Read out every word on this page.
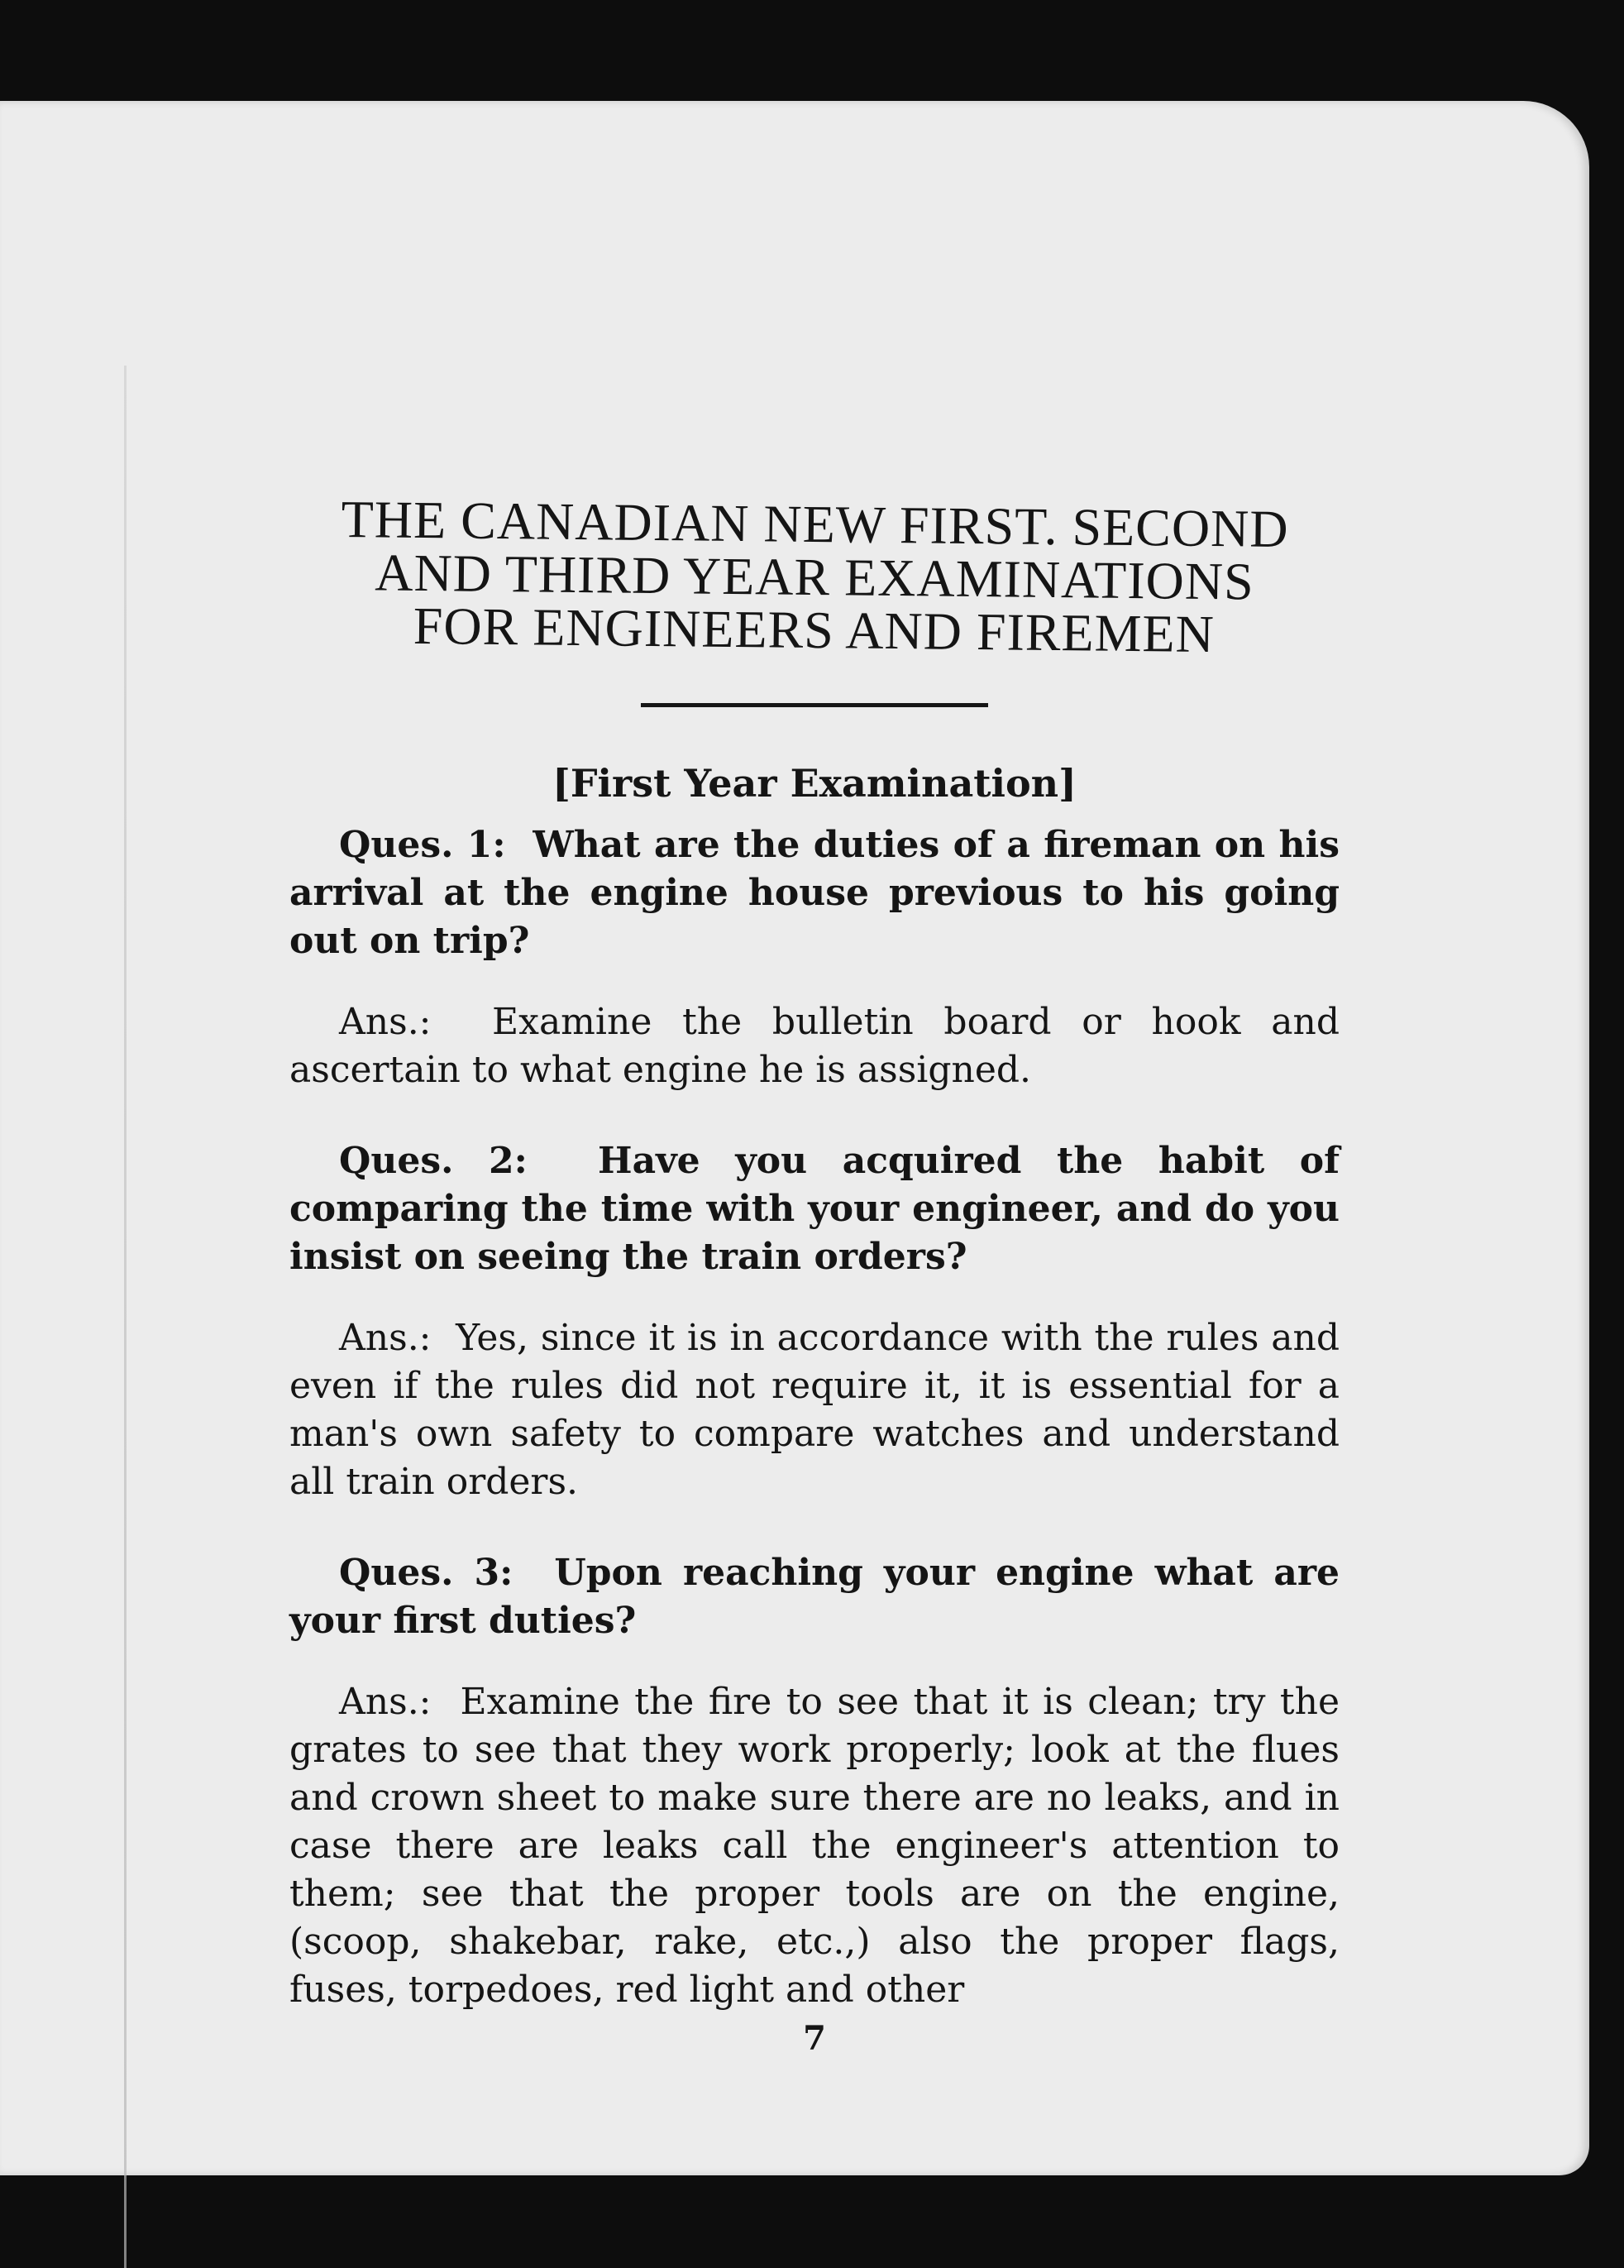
THE CANADIAN NEW FIRST. SECOND
AND THIRD YEAR EXAMINATIONS
FOR ENGINEERS AND FIREMEN

[First Year Examination]

Ques. 1: What are the duties of a fireman on his arrival at the engine house previous to his going out on trip?

Ans.: Examine the bulletin board or hook and ascertain to what engine he is assigned.

Ques. 2: Have you acquired the habit of comparing the time with your engineer, and do you insist on seeing the train orders?

Ans.: Yes, since it is in accordance with the rules and even if the rules did not require it, it is essential for a man's own safety to compare watches and understand all train orders.

Ques. 3: Upon reaching your engine what are your first duties?

Ans.: Examine the fire to see that it is clean; try the grates to see that they work properly; look at the flues and crown sheet to make sure there are no leaks, and in case there are leaks call the engineer's attention to them; see that the proper tools are on the engine, (scoop, shakebar, rake, etc.,) also the proper flags, fuses, torpedoes, red light and other

7
